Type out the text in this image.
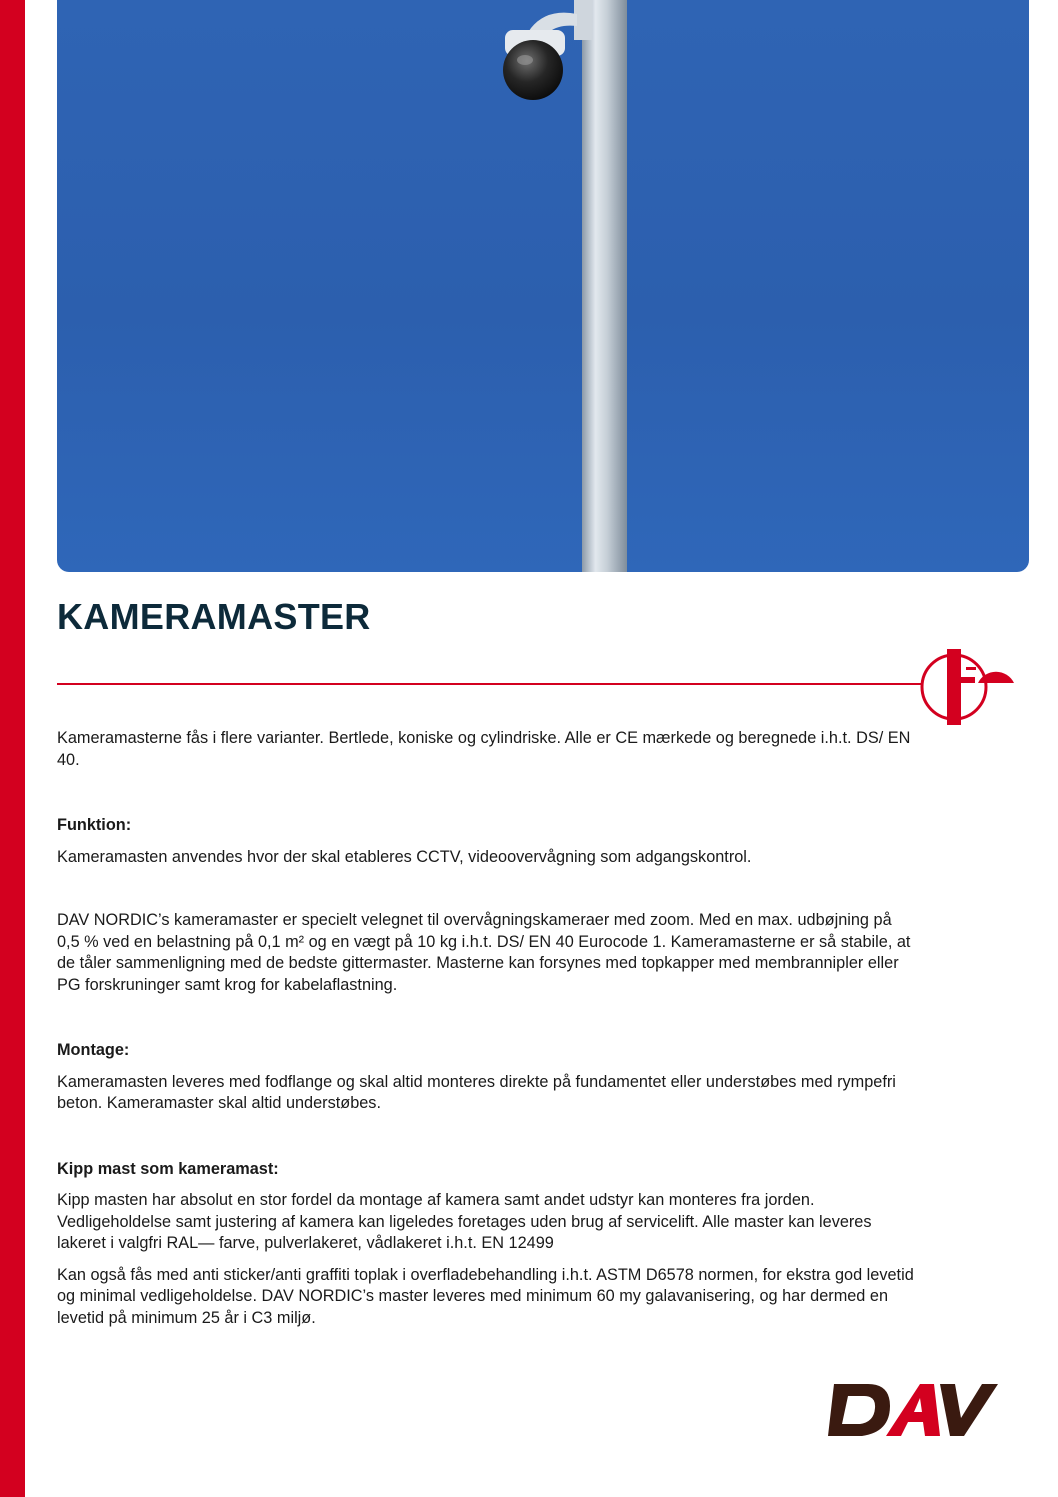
KAMERAMASTER

Kameramasterne fås i flere varianter. Bertlede, koniske og cylindriske. Alle er CE mærkede og beregnede i.h.t. DS/ EN 40.

Funktion:

Kameramasten anvendes hvor der skal etableres CCTV, videoovervågning som adgangskontrol.

DAV NORDIC’s kameramaster er specielt velegnet til overvågningskameraer med zoom. Med en max. udbøjning på 0,5 % ved en belastning på 0,1 m² og en vægt på 10 kg i.h.t. DS/ EN 40 Eurocode 1. Kameramasterne er så stabile, at de tåler sammenligning med de bedste gittermaster. Masterne kan forsynes med topkapper med membrannipler eller PG forskruninger samt krog for kabelaflastning.

Montage:

Kameramasten leveres med fodflange og skal altid monteres direkte på fundamentet eller understøbes med rympefri beton. Kameramaster skal altid understøbes.

Kipp mast som kameramast:

Kipp masten har absolut en stor fordel da montage af kamera samt andet udstyr kan monteres fra jorden. Vedligeholdelse samt justering af kamera kan ligeledes foretages uden brug af servicelift. Alle master kan leveres lakeret i valgfri RAL— farve, pulverlakeret, vådlakeret i.h.t. EN 12499

Kan også fås med anti sticker/anti graffiti toplak i overfladebehandling i.h.t. ASTM D6578 normen, for ekstra god levetid og minimal vedligeholdelse. DAV NORDIC’s master leveres med minimum 60 my galavanisering, og har dermed en levetid på minimum 25 år i C3 miljø.
